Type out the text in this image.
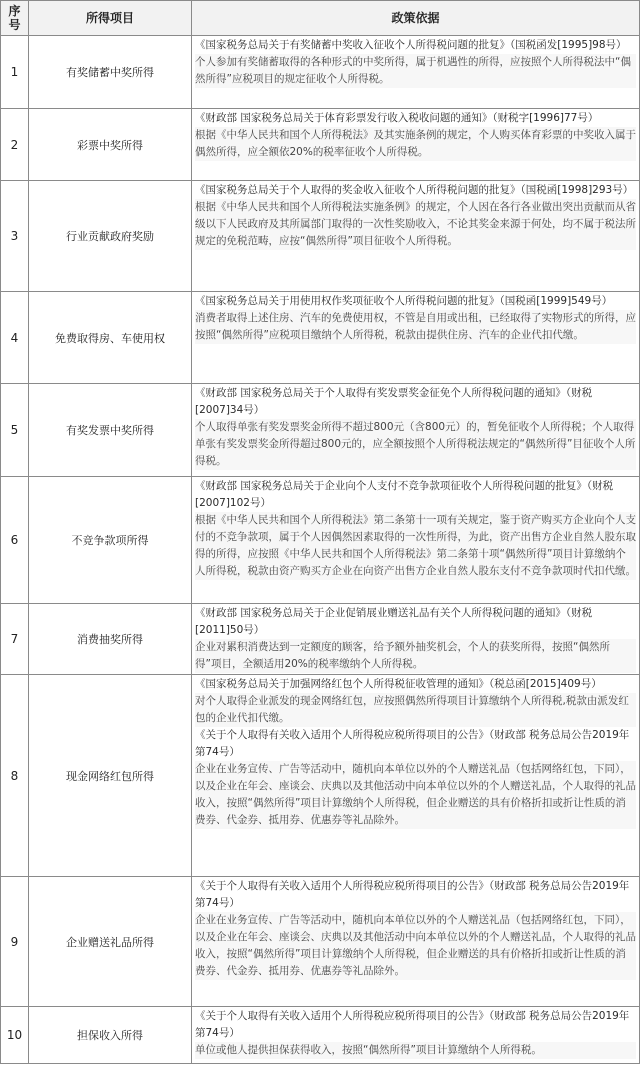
序号	所得项目	政策依据
1	有奖储蓄中奖所得	《国家税务总局关于有奖储蓄中奖收入征收个人所得税问题的批复》（国税函发[1995]98号）
个人参加有奖储蓄取得的各种形式的中奖所得，属于机遇性的所得，应按照个人所得税法中“偶然所得”应税项目的规定征收个人所得税。

2	彩票中奖所得	《财政部 国家税务总局关于体育彩票发行收入税收问题的通知》（财税字[1996]77号）
根据《中华人民共和国个人所得税法》及其实施条例的规定，个人购买体育彩票的中奖收入属于偶然所得，应全额依20%的税率征收个人所得税。

3	行业贡献政府奖励	《国家税务总局关于个人取得的奖金收入征收个人所得税问题的批复》（国税函[1998]293号）
根据《中华人民共和国个人所得税法实施条例》的规定，个人因在各行各业做出突出贡献而从省级以下人民政府及其所属部门取得的一次性奖励收入，不论其奖金来源于何处，均不属于税法所规定的免税范畴，应按“偶然所得”项目征收个人所得税。

4	免费取得房、车使用权	《国家税务总局关于用使用权作奖项征收个人所得税问题的批复》（国税函[1999]549号）
消费者取得上述住房、汽车的免费使用权，不管是自用或出租，已经取得了实物形式的所得，应按照“偶然所得”应税项目缴纳个人所得税，税款由提供住房、汽车的企业代扣代缴。

5	有奖发票中奖所得	《财政部 国家税务总局关于个人取得有奖发票奖金征免个人所得税问题的通知》（财税[2007]34号）
个人取得单张有奖发票奖金所得不超过800元（含800元）的，暂免征收个人所得税；个人取得单张有奖发票奖金所得超过800元的，应全额按照个人所得税法规定的“偶然所得”目征收个人所得税。

6	不竞争款项所得	《财政部 国家税务总局关于企业向个人支付不竞争款项征收个人所得税问题的批复》（财税[2007]102号）
根据《中华人民共和国个人所得税法》第二条第十一项有关规定，鉴于资产购买方企业向个人支付的不竞争款项，属于个人因偶然因素取得的一次性所得，为此，资产出售方企业自然人股东取得的所得，应按照《中华人民共和国个人所得税法》第二条第十项“偶然所得”项目计算缴纳个人所得税，税款由资产购买方企业在向资产出售方企业自然人股东支付不竞争款项时代扣代缴。

7	消费抽奖所得	《财政部 国家税务总局关于企业促销展业赠送礼品有关个人所得税问题的通知》（财税[2011]50号）
企业对累积消费达到一定额度的顾客，给予额外抽奖机会，个人的获奖所得，按照“偶然所得”项目，全额适用20%的税率缴纳个人所得税。

8	现金网络红包所得	《国家税务总局关于加强网络红包个人所得税征收管理的通知》（税总函[2015]409号）
对个人取得企业派发的现金网络红包，应按照偶然所得项目计算缴纳个人所得税,税款由派发红包的企业代扣代缴。
《关于个人取得有关收入适用个人所得税应税所得项目的公告》（财政部 税务总局公告2019年第74号）
企业在业务宣传、广告等活动中，随机向本单位以外的个人赠送礼品（包括网络红包，下同），以及企业在年会、座谈会、庆典以及其他活动中向本单位以外的个人赠送礼品，个人取得的礼品收入，按照“偶然所得”项目计算缴纳个人所得税，但企业赠送的具有价格折扣或折让性质的消费券、代金券、抵用券、优惠券等礼品除外。

9	企业赠送礼品所得	《关于个人取得有关收入适用个人所得税应税所得项目的公告》（财政部 税务总局公告2019年第74号）
企业在业务宣传、广告等活动中，随机向本单位以外的个人赠送礼品（包括网络红包，下同），以及企业在年会、座谈会、庆典以及其他活动中向本单位以外的个人赠送礼品，个人取得的礼品收入，按照“偶然所得”项目计算缴纳个人所得税，但企业赠送的具有价格折扣或折让性质的消费券、代金券、抵用券、优惠券等礼品除外。

10	担保收入所得	《关于个人取得有关收入适用个人所得税应税所得项目的公告》（财政部 税务总局公告2019年第74号）
单位或他人提供担保获得收入，按照“偶然所得”项目计算缴纳个人所得税。
